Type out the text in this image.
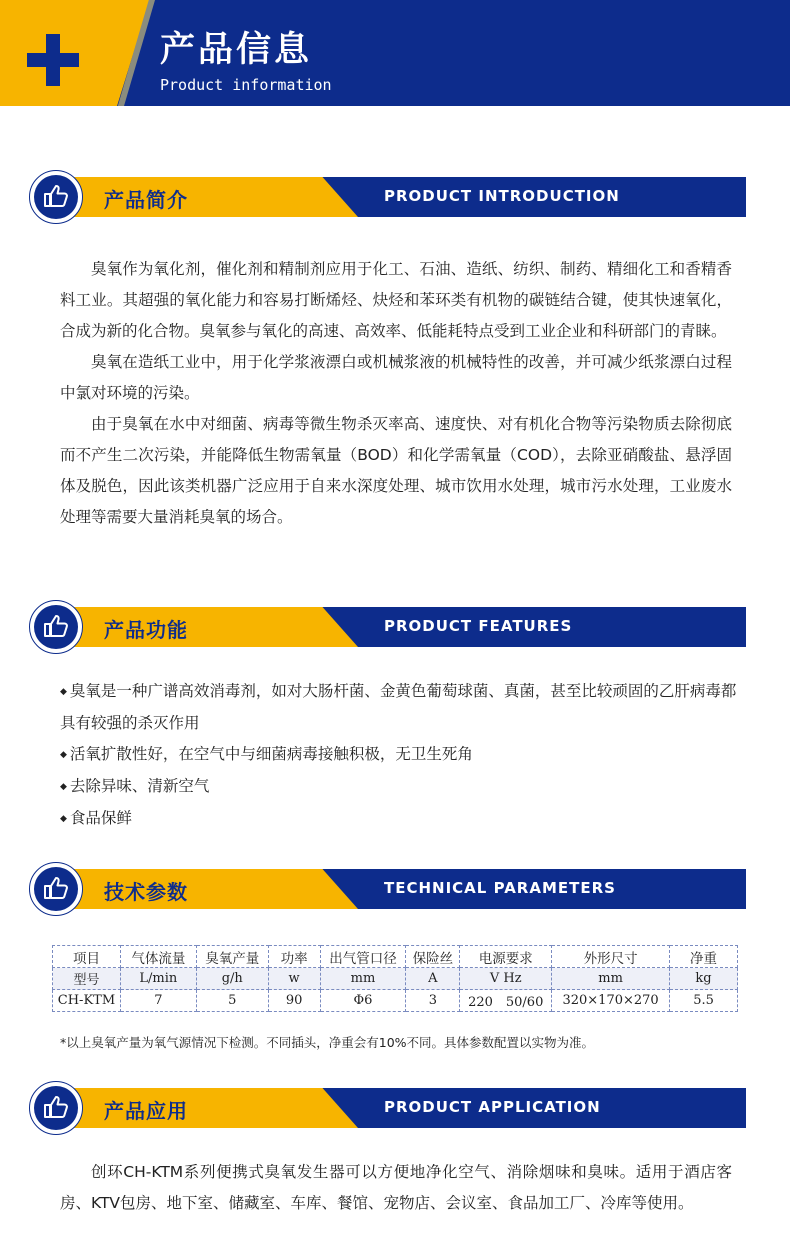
产品信息
Product information
产品简介	PRODUCT INTRODUCTION

臭氧作为氧化剂，催化剂和精制剂应用于化工、石油、造纸、纺织、制药、精细化工和香精香料工业。其超强的氧化能力和容易打断烯烃、炔烃和苯环类有机物的碳链结合键，使其快速氧化，合成为新的化合物。臭氧参与氧化的高速、高效率、低能耗特点受到工业企业和科研部门的青睐。

臭氧在造纸工业中，用于化学浆液漂白或机械浆液的机械特性的改善，并可减少纸浆漂白过程中氯对环境的污染。

由于臭氧在水中对细菌、病毒等微生物杀灭率高、速度快、对有机化合物等污染物质去除彻底而不产生二次污染，并能降低生物需氧量（BOD）和化学需氧量（COD），去除亚硝酸盐、悬浮固体及脱色，因此该类机器广泛应用于自来水深度处理、城市饮用水处理，城市污水处理，工业废水处理等需要大量消耗臭氧的场合。

产品功能	PRODUCT FEATURES

◆ 臭氧是一种广谱高效消毒剂，如对大肠杆菌、金黄色葡萄球菌、真菌，甚至比较顽固的乙肝病毒都具有较强的杀灭作用

◆ 活氧扩散性好，在空气中与细菌病毒接触积极，无卫生死角

◆ 去除异味、清新空气

◆ 食品保鲜

技术参数	TECHNICAL PARAMETERS
项目	气体流量	臭氧产量	功率	出气管口径	保险丝	电源要求	外形尺寸	净重
型号	L/min	g/h	w	mm	A	V Hz	mm	kg
CH-KTM	7	5	90	Φ6	3	220　50/60	320×170×270	5.5
*以上臭氧产量为氧气源情况下检测。不同插头，净重会有10%不同。具体参数配置以实物为准。
产品应用	PRODUCT APPLICATION

创环CH-KTM系列便携式臭氧发生器可以方便地净化空气、消除烟味和臭味。适用于酒店客房、KTV包房、地下室、储藏室、车库、餐馆、宠物店、会议室、食品加工厂、冷库等使用。
